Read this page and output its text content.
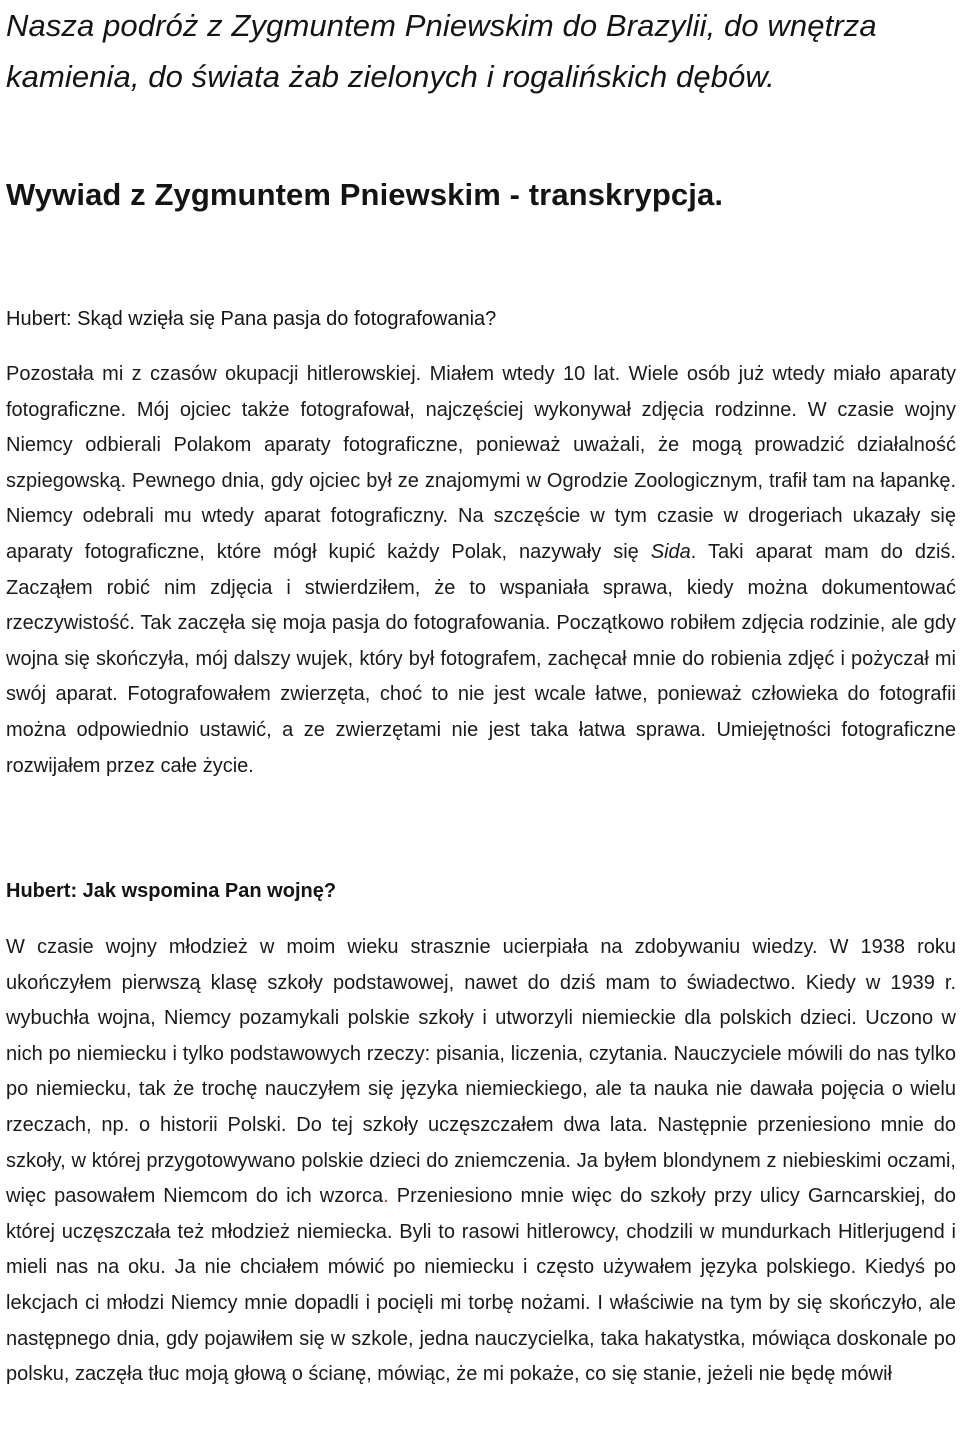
Nasza podróż z Zygmuntem Pniewskim do Brazylii, do wnętrza kamienia, do świata żab zielonych i rogalińskich dębów.
Wywiad z Zygmuntem Pniewskim - transkrypcja.

Hubert: Skąd wzięła się Pana pasja do fotografowania?

Pozostała mi z czasów okupacji hitlerowskiej. Miałem wtedy 10 lat. Wiele osób już wtedy miało aparaty fotograficzne. Mój ojciec także fotografował, najczęściej wykonywał zdjęcia rodzinne. W czasie wojny Niemcy odbierali Polakom aparaty fotograficzne, ponieważ uważali, że mogą prowadzić działalność szpiegowską. Pewnego dnia, gdy ojciec był ze znajomymi w Ogrodzie Zoologicznym, trafił tam na łapankę. Niemcy odebrali mu wtedy aparat fotograficzny. Na szczęście w tym czasie w drogeriach ukazały się aparaty fotograficzne, które mógł kupić każdy Polak, nazywały się Sida. Taki aparat mam do dziś. Zacząłem robić nim zdjęcia i stwierdziłem, że to wspaniała sprawa, kiedy można dokumentować rzeczywistość. Tak zaczęła się moja pasja do fotografowania. Początkowo robiłem zdjęcia rodzinie, ale gdy wojna się skończyła, mój dalszy wujek, który był fotografem, zachęcał mnie do robienia zdjęć i pożyczał mi swój aparat. Fotografowałem zwierzęta, choć to nie jest wcale łatwe, ponieważ człowieka do fotografii można odpowiednio ustawić, a ze zwierzętami nie jest taka łatwa sprawa. Umiejętności fotograficzne rozwijałem przez całe życie.

Hubert: Jak wspomina Pan wojnę?

W czasie wojny młodzież w moim wieku strasznie ucierpiała na zdobywaniu wiedzy. W 1938 roku ukończyłem pierwszą klasę szkoły podstawowej, nawet do dziś mam to świadectwo. Kiedy w 1939 r. wybuchła wojna, Niemcy pozamykali polskie szkoły i utworzyli niemieckie dla polskich dzieci. Uczono w nich po niemiecku i tylko podstawowych rzeczy: pisania, liczenia, czytania. Nauczyciele mówili do nas tylko po niemiecku, tak że trochę nauczyłem się języka niemieckiego, ale ta nauka nie dawała pojęcia o wielu rzeczach, np. o historii Polski. Do tej szkoły uczęszczałem dwa lata. Następnie przeniesiono mnie do szkoły, w której przygotowywano polskie dzieci do zniemczenia. Ja byłem blondynem z niebieskimi oczami, więc pasowałem Niemcom do ich wzorca. Przeniesiono mnie więc do szkoły przy ulicy Garncarskiej, do której uczęszczała też młodzież niemiecka. Byli to rasowi hitlerowcy, chodzili w mundurkach Hitlerjugend i mieli nas na oku. Ja nie chciałem mówić po niemiecku i często używałem języka polskiego. Kiedyś po lekcjach ci młodzi Niemcy mnie dopadli i pocięli mi torbę nożami. I właściwie na tym by się skończyło, ale następnego dnia, gdy pojawiłem się w szkole, jedna nauczycielka, taka hakatystka, mówiąca doskonale po polsku, zaczęła tłuc moją głową o ścianę, mówiąc, że mi pokaże, co się stanie, jeżeli nie będę mówił
